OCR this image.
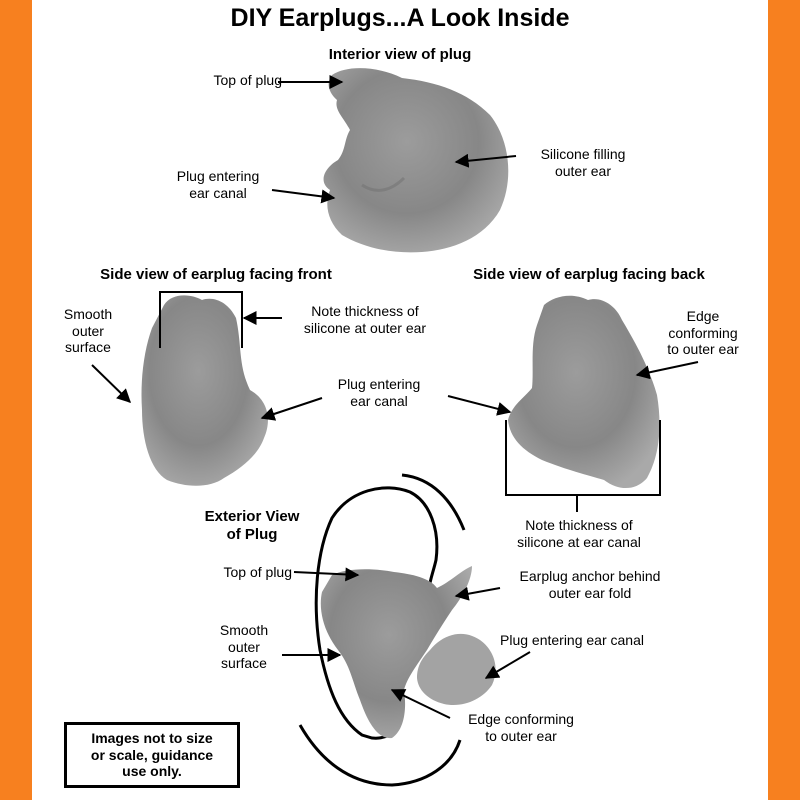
DIY Earplugs...A Look Inside
Interior view of plug
Top of plug
Plug entering
ear canal
Silicone filling
outer ear
Side view of earplug facing front
Smooth
outer
surface
Note thickness of
silicone at outer ear
Plug entering
ear canal
Side view of earplug facing back
Edge
conforming
to outer ear
Note thickness of
silicone at ear canal
Exterior View
of Plug
Top of plug	Earplug anchor behind
outer ear fold
Smooth
outer
surface
Plug entering ear canal
Edge conforming
to outer ear
Images not to size
or scale, guidance
use only.
